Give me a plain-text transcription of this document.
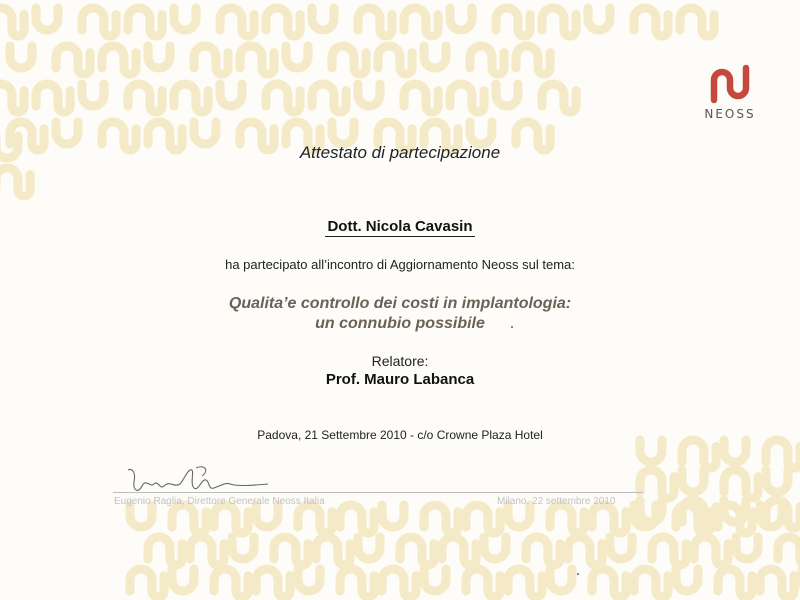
NEOSS
Attestato di partecipazione
Dott. Nicola Cavasin
ha partecipato all’incontro di Aggiornamento Neoss sul tema:
Qualita’e controllo dei costi in implantologia:
un connubio possibile
Relatore:
Prof. Mauro Labanca
Padova, 21 Settembre 2010 - c/o Crowne Plaza Hotel
Eugenio Raglia, Direttore Generale Neoss Italia	Milano, 22 settembre 2010
